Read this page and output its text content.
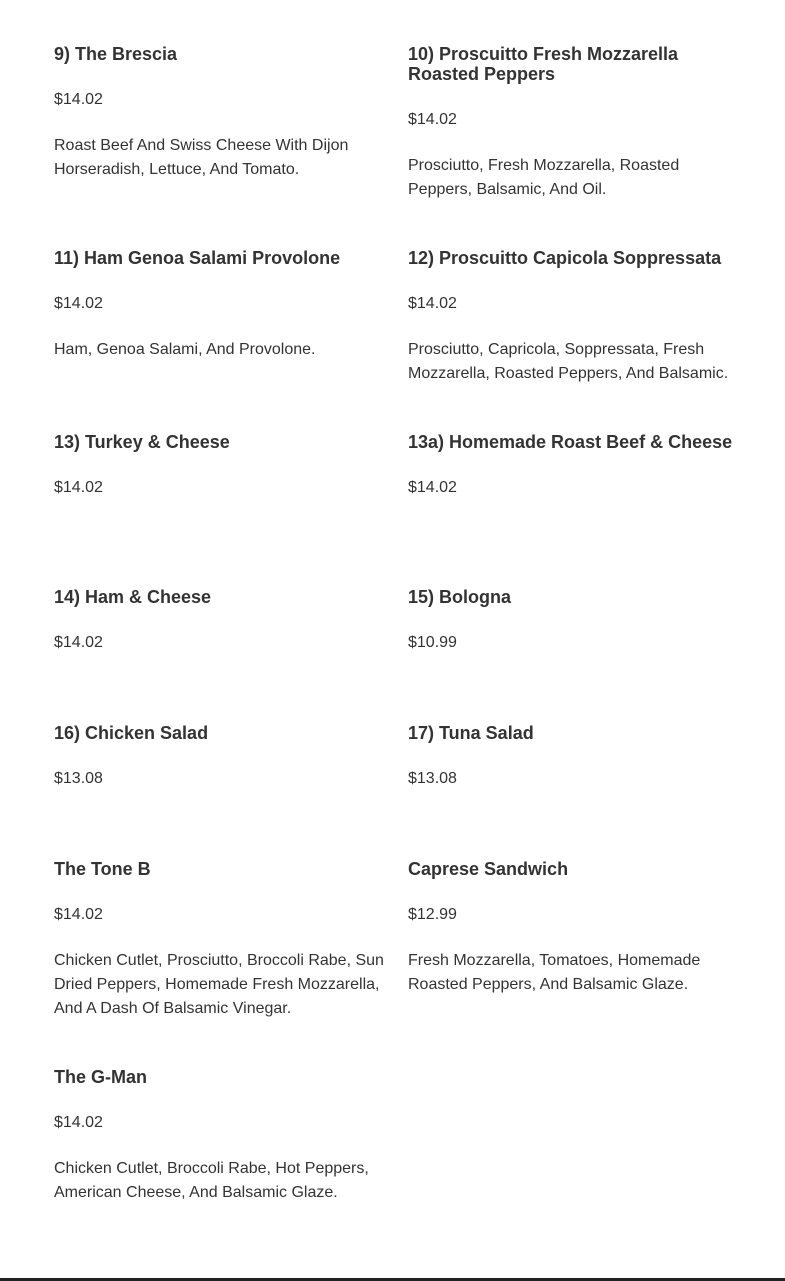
9) The Brescia
$14.02
Roast Beef And Swiss Cheese With Dijon Horseradish, Lettuce, And Tomato.
10) Proscuitto Fresh Mozzarella Roasted Peppers
$14.02
Prosciutto, Fresh Mozzarella, Roasted Peppers, Balsamic, And Oil.
11) Ham Genoa Salami Provolone
$14.02
Ham, Genoa Salami, And Provolone.
12) Proscuitto Capicola Soppressata
$14.02
Prosciutto, Capricola, Soppressata, Fresh Mozzarella, Roasted Peppers, And Balsamic.
13) Turkey & Cheese
$14.02
13a) Homemade Roast Beef & Cheese
$14.02
14) Ham & Cheese
$14.02
15) Bologna
$10.99
16) Chicken Salad
$13.08
17) Tuna Salad
$13.08
The Tone B
$14.02
Chicken Cutlet, Prosciutto, Broccoli Rabe, Sun Dried Peppers, Homemade Fresh Mozzarella, And A Dash Of Balsamic Vinegar.
Caprese Sandwich
$12.99
Fresh Mozzarella, Tomatoes, Homemade Roasted Peppers, And Balsamic Glaze.
The G-Man
$14.02
Chicken Cutlet, Broccoli Rabe, Hot Peppers, American Cheese, And Balsamic Glaze.
